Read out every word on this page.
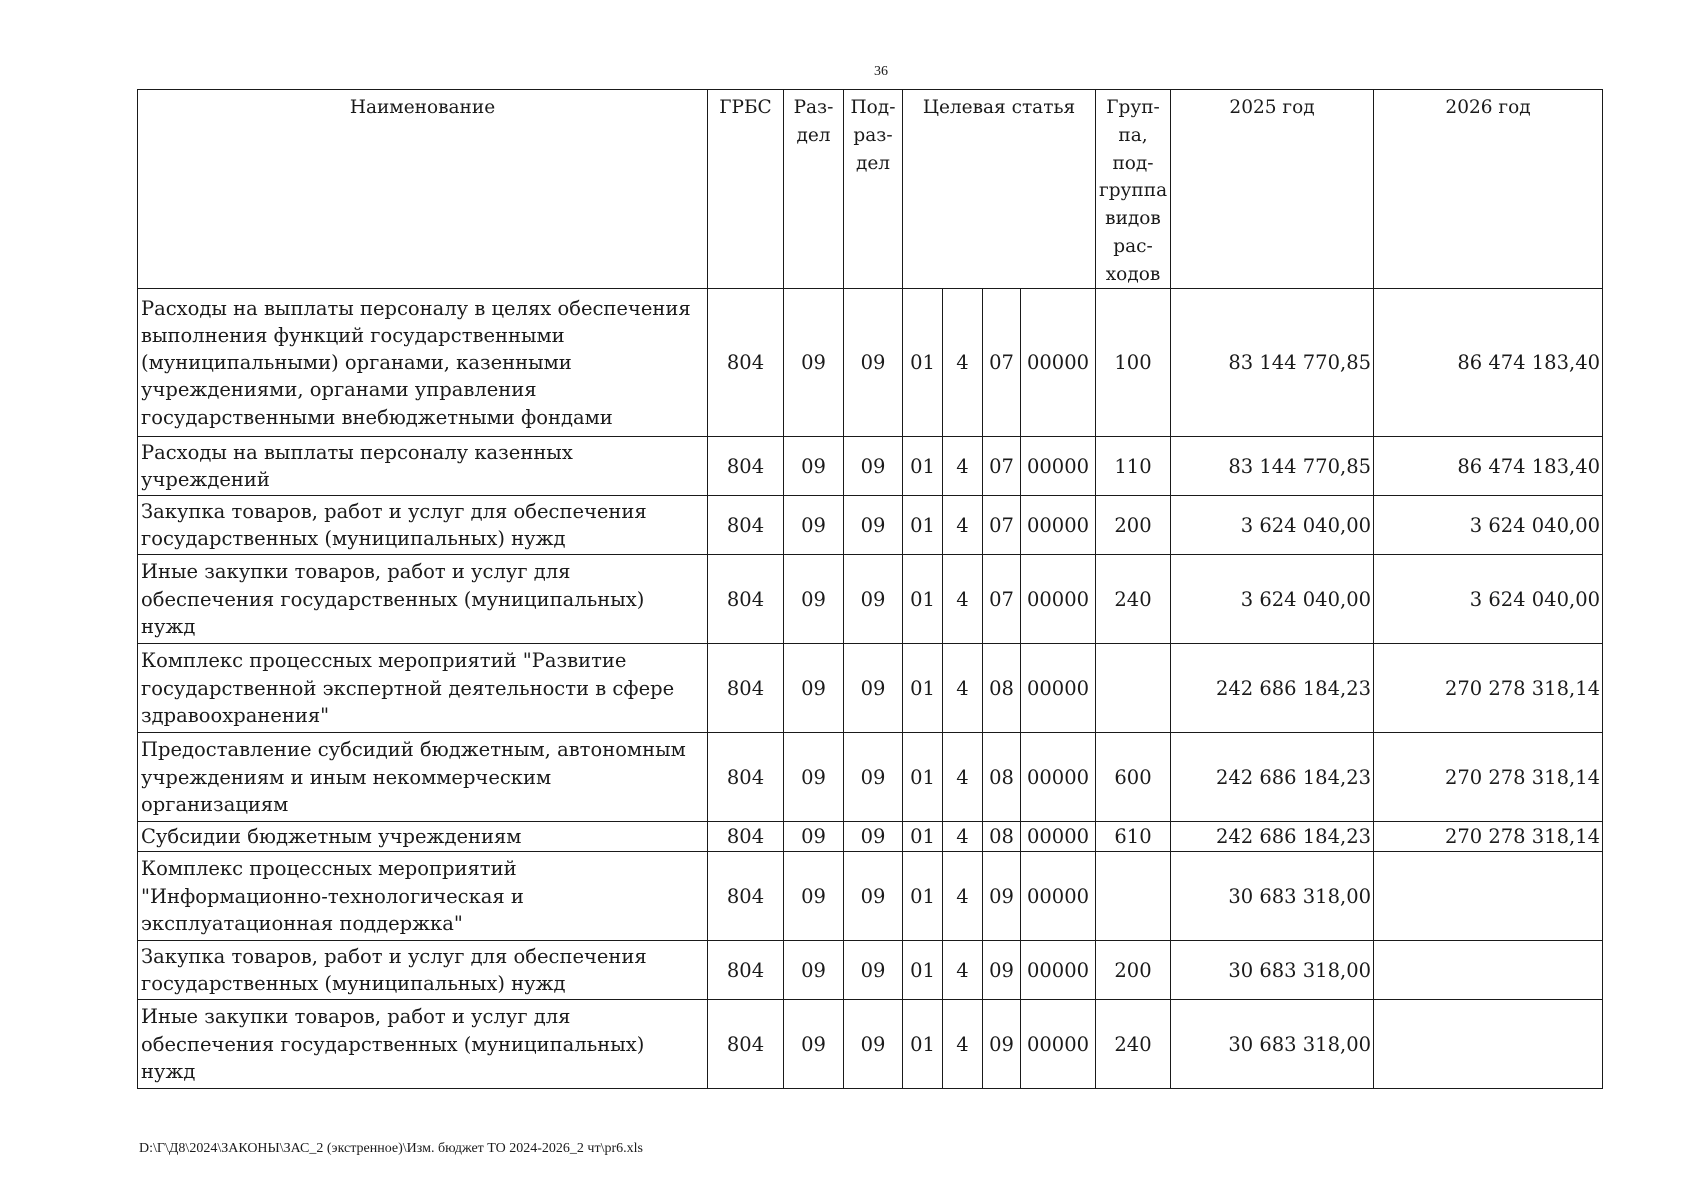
36
Наименование	ГРБС	Раз- дел	Под- раз- дел	Целевая статья				Груп- па, под- группа видов рас- ходов	2025 год	2026 год
Расходы на выплаты персоналу в целях обеспечения выполнения функций государственными (муниципальными) органами, казенными учреждениями, органами управления государственными внебюджетными фондами	804	09	09	01	4	07	00000	100	83 144 770,85	86 474 183,40
Расходы на выплаты персоналу казенных учреждений	804	09	09	01	4	07	00000	110	83 144 770,85	86 474 183,40
Закупка товаров, работ и услуг для обеспечения государственных (муниципальных) нужд	804	09	09	01	4	07	00000	200	3 624 040,00	3 624 040,00
Иные закупки товаров, работ и услуг для обеспечения государственных (муниципальных) нужд	804	09	09	01	4	07	00000	240	3 624 040,00	3 624 040,00
Комплекс процессных мероприятий "Развитие государственной экспертной деятельности в сфере здравоохранения"	804	09	09	01	4	08	00000		242 686 184,23	270 278 318,14
Предоставление субсидий бюджетным, автономным учреждениям и иным некоммерческим организациям	804	09	09	01	4	08	00000	600	242 686 184,23	270 278 318,14
Субсидии бюджетным учреждениям	804	09	09	01	4	08	00000	610	242 686 184,23	270 278 318,14
Комплекс процессных мероприятий "Информационно-технологическая и эксплуатационная поддержка"	804	09	09	01	4	09	00000		30 683 318,00	
Закупка товаров, работ и услуг для обеспечения государственных (муниципальных) нужд	804	09	09	01	4	09	00000	200	30 683 318,00	
Иные закупки товаров, работ и услуг для обеспечения государственных (муниципальных) нужд	804	09	09	01	4	09	00000	240	30 683 318,00	
D:\Г\Д8\2024\ЗАКОНЫ\ЗАС_2 (экстренное)\Изм. бюджет ТО 2024-2026_2 чт\pr6.xls
